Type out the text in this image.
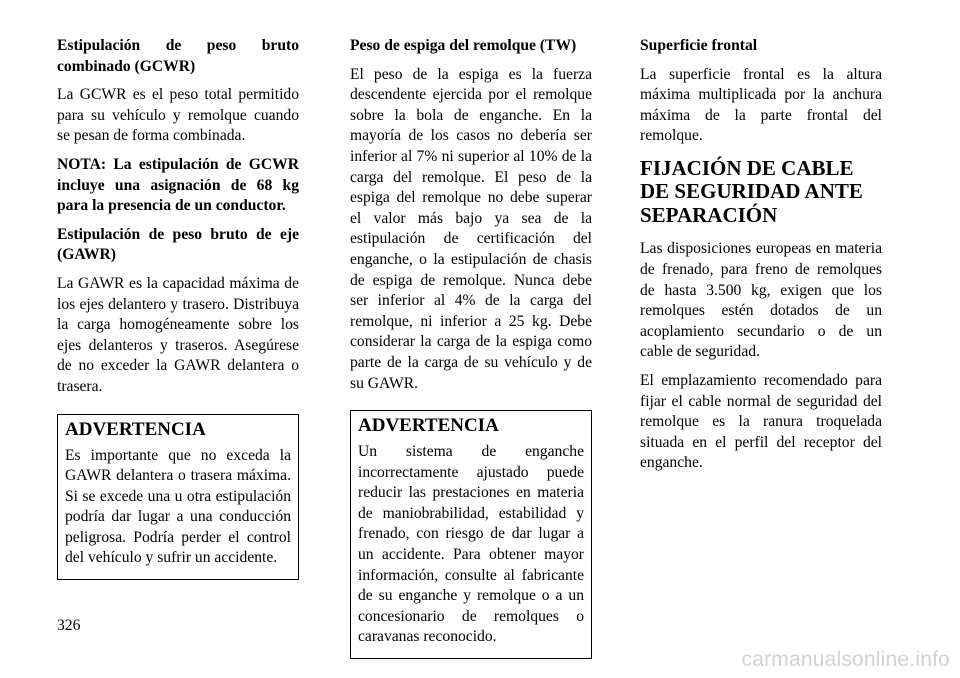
Estipulación de peso bruto combinado (GCWR)

La GCWR es el peso total permitido para su vehículo y remolque cuando se pesan de forma combinada.

NOTA: La estipulación de GCWR incluye una asignación de 68 kg para la presencia de un conductor.

Estipulación de peso bruto de eje (GAWR)

La GAWR es la capacidad máxima de los ejes delantero y trasero. Distribuya la carga homogéneamente sobre los ejes delanteros y traseros. Asegúrese de no exceder la GAWR delantera o trasera.

ADVERTENCIA

Es importante que no exceda la GAWR delantera o trasera máxima. Si se excede una u otra estipulación podría dar lugar a una conducción peligrosa. Podría perder el control del vehículo y sufrir un accidente.

Peso de espiga del remolque (TW)

El peso de la espiga es la fuerza descendente ejercida por el remolque sobre la bola de enganche. En la mayoría de los casos no debería ser inferior al 7% ni superior al 10% de la carga del remolque. El peso de la espiga del remolque no debe superar el valor más bajo ya sea de la estipulación de certificación del enganche, o la estipulación de chasis de espiga de remolque. Nunca debe ser inferior al 4% de la carga del remolque, ni inferior a 25 kg. Debe considerar la carga de la espiga como parte de la carga de su vehículo y de su GAWR.

ADVERTENCIA

Un sistema de enganche incorrectamente ajustado puede reducir las prestaciones en materia de maniobrabilidad, estabilidad y frenado, con riesgo de dar lugar a un accidente. Para obtener mayor información, consulte al fabricante de su enganche y remolque o a un concesionario de remolques o caravanas reconocido.

Superficie frontal

La superficie frontal es la altura máxima multiplicada por la anchura máxima de la parte frontal del remolque.

FIJACIÓN DE CABLE DE SEGURIDAD ANTE SEPARACIÓN

Las disposiciones europeas en materia de frenado, para freno de remolques de hasta 3.500 kg, exigen que los remolques estén dotados de un acoplamiento secundario o de un cable de seguridad.

El emplazamiento recomendado para fijar el cable normal de seguridad del remolque es la ranura troquelada situada en el perfil del receptor del enganche.

326
carmanualsonline.info
